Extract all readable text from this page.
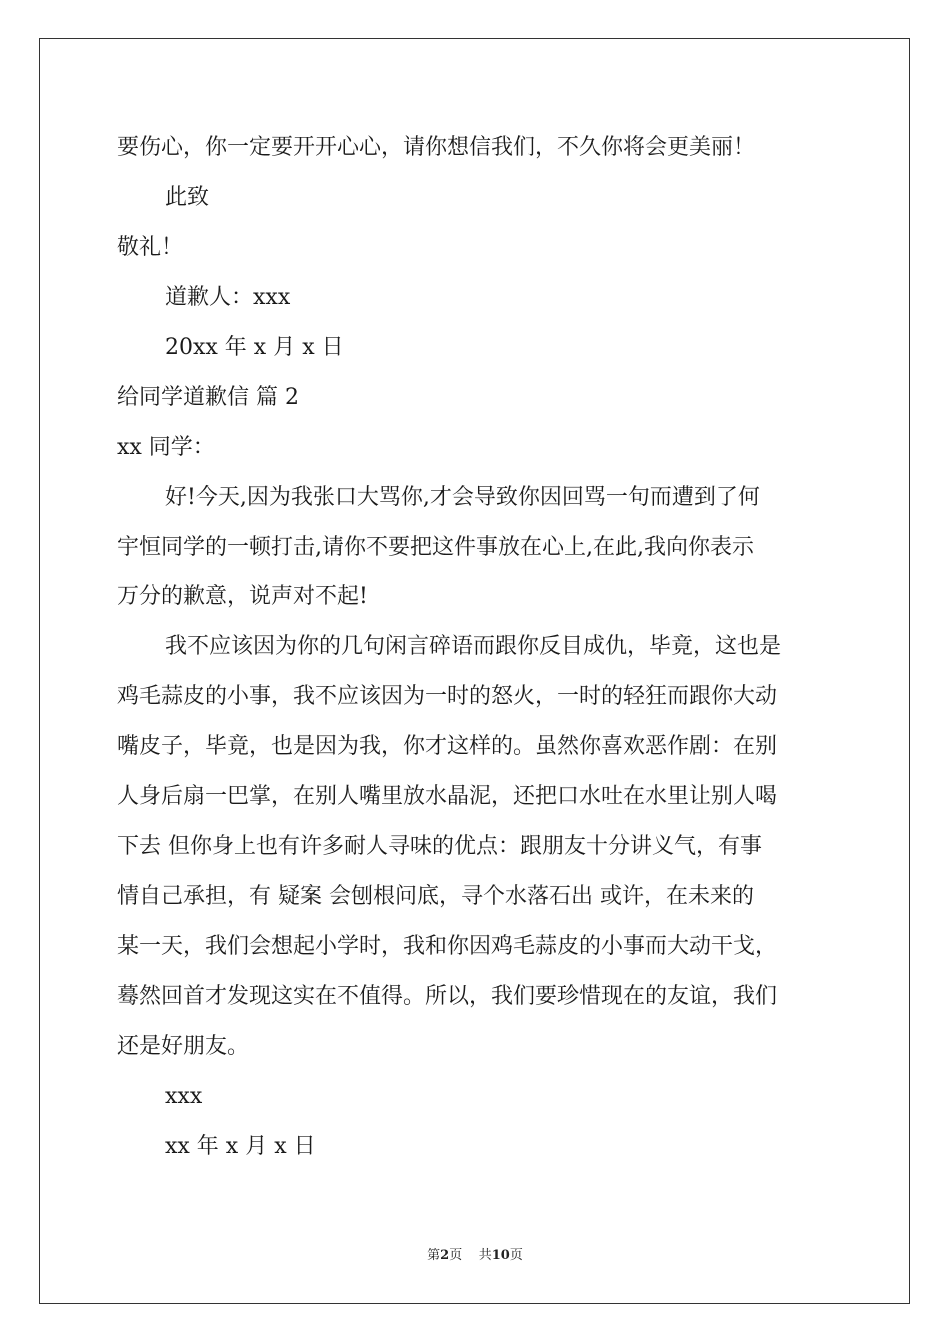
要伤心，你一定要开开心心，请你想信我们，不久你将会更美丽！
此致
敬礼！
道歉人：xxx
20xx 年 x 月 x 日
给同学道歉信 篇 2
xx 同学：
好!今天,因为我张口大骂你,才会导致你因回骂一句而遭到了何
宇恒同学的一顿打击,请你不要把这件事放在心上,在此,我向你表示
万分的歉意，说声对不起!
我不应该因为你的几句闲言碎语而跟你反目成仇，毕竟，这也是
鸡毛蒜皮的小事，我不应该因为一时的怒火，一时的轻狂而跟你大动
嘴皮子，毕竟，也是因为我，你才这样的。虽然你喜欢恶作剧：在别
人身后扇一巴掌，在别人嘴里放水晶泥，还把口水吐在水里让别人喝
下去 但你身上也有许多耐人寻味的优点：跟朋友十分讲义气，有事
情自己承担，有 疑案 会刨根问底，寻个水落石出 或许，在未来的
某一天，我们会想起小学时，我和你因鸡毛蒜皮的小事而大动干戈，
蓦然回首才发现这实在不值得。所以，我们要珍惜现在的友谊，我们
还是好朋友。
xxx
xx 年 x 月 x 日
第2页    共10页
